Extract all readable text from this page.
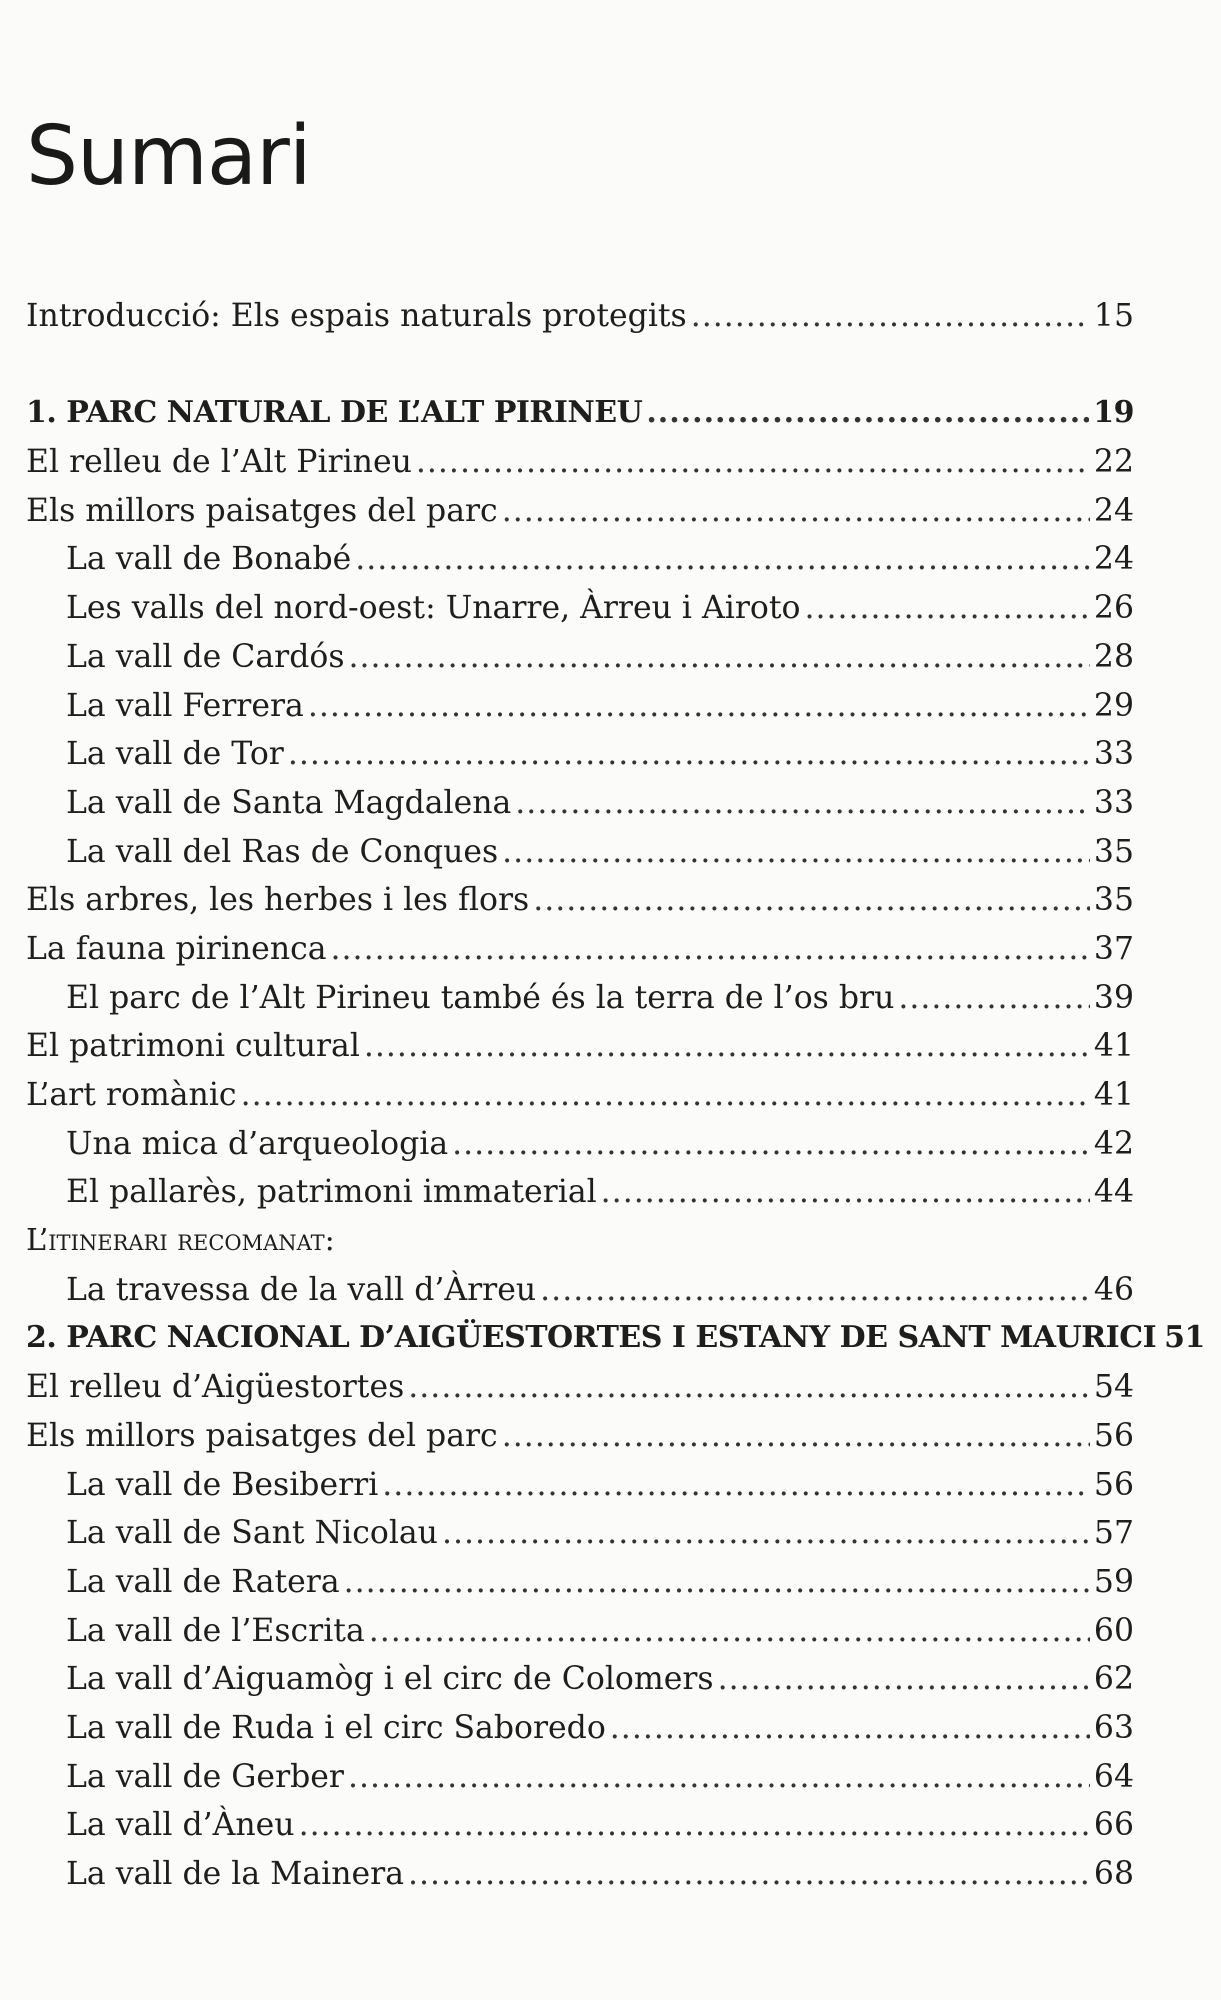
Sumari
Introducció: Els espais naturals protegits .....	15
1. PARC NATURAL DE L’ALT PIRINEU .....	19
El relleu de l’Alt Pirineu .....	22
Els millors paisatges del parc .....	24
La vall de Bonabé .....	24
Les valls del nord-oest: Unarre, Àrreu i Airoto .....	26
La vall de Cardós .....	28
La vall Ferrera .....	29
La vall de Tor .....	33
La vall de Santa Magdalena .....	33
La vall del Ras de Conques .....	35
Els arbres, les herbes i les flors .....	35
La fauna pirinenca .....	37
El parc de l’Alt Pirineu també és la terra de l’os bru .....	39
El patrimoni cultural .....	41
L’art romànic .....	41
Una mica d’arqueologia .....	42
El pallarès, patrimoni immaterial .....	44
L’itinerari recomanat:
La travessa de la vall d’Àrreu .....	46
2. PARC NACIONAL D’AIGÜESTORTES I ESTANY DE SANT MAURICI 51
El relleu d’Aigüestortes .....	54
Els millors paisatges del parc .....	56
La vall de Besiberri .....	56
La vall de Sant Nicolau .....	57
La vall de Ratera .....	59
La vall de l’Escrita .....	60
La vall d’Aiguamòg i el circ de Colomers .....	62
La vall de Ruda i el circ Saboredo .....	63
La vall de Gerber .....	64
La vall d’Àneu .....	66
La vall de la Mainera .....	68
